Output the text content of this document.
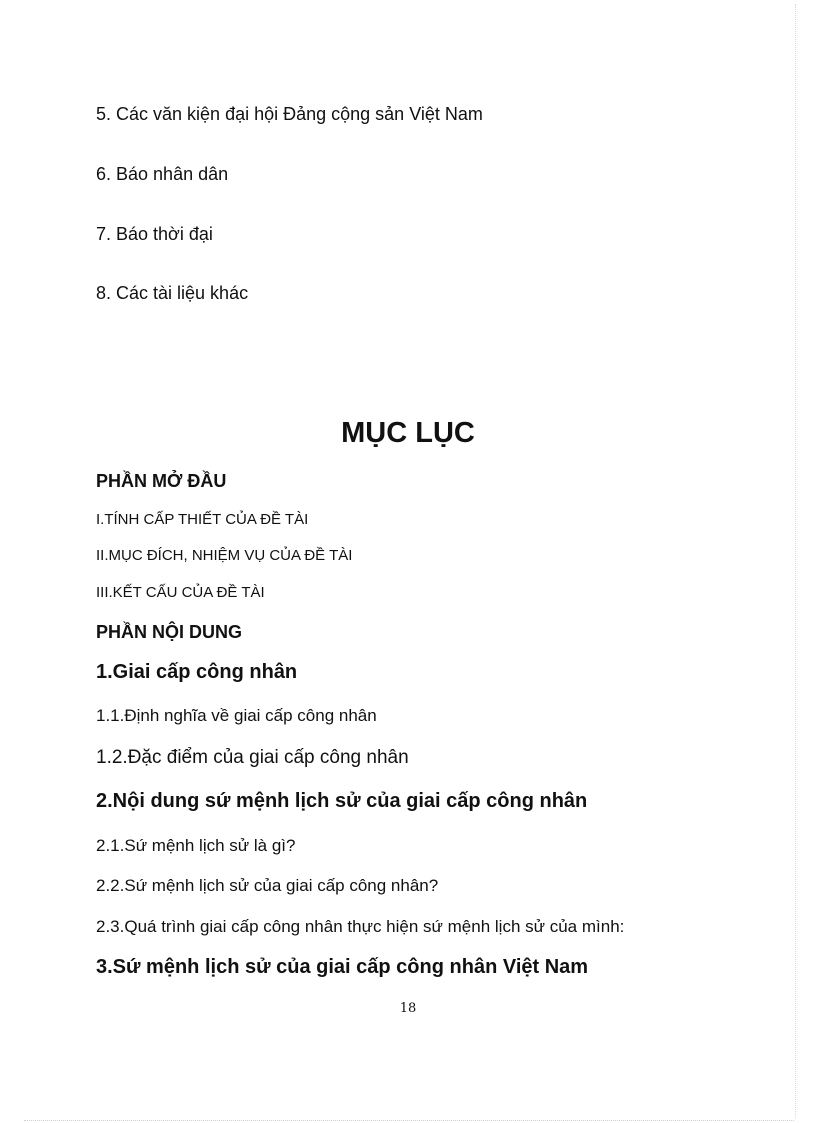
5. Các văn kiện đại hội Đảng cộng sản Việt Nam
6. Báo nhân dân
7. Báo thời đại
8. Các tài liệu khác
MỤC LỤC
PHẦN MỞ ĐẦU
I.TÍNH CẤP THIẾT CỦA ĐỀ TÀI
II.MỤC ĐÍCH, NHIỆM VỤ CỦA ĐỀ TÀI
III.KẾT CẤU CỦA ĐỀ TÀI
PHẦN NỘI DUNG
1.Giai cấp công nhân
1.1.Định nghĩa về giai cấp công nhân
1.2.Đặc điểm của giai cấp công nhân
2.Nội dung sứ mệnh lịch sử của giai cấp công nhân
2.1.Sứ mệnh lịch sử là gì?
2.2.Sứ mệnh lịch sử của giai cấp công nhân?
2.3.Quá trình giai cấp công nhân thực hiện sứ mệnh lịch sử của mình:
3.Sứ mệnh lịch sử của giai cấp công nhân Việt Nam
18
